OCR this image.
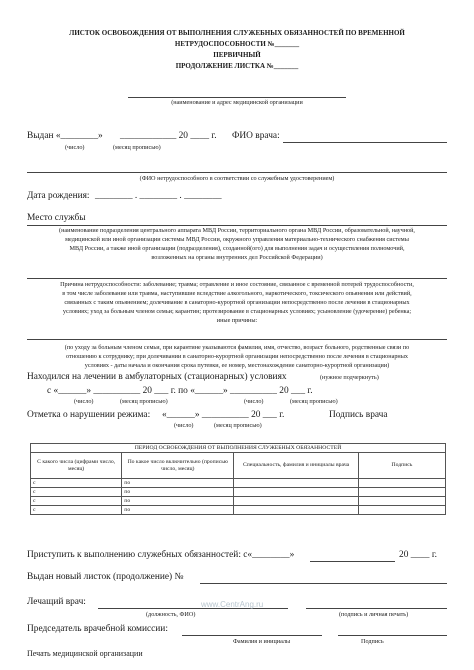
ЛИСТОК ОСВОБОЖДЕНИЯ ОТ ВЫПОЛНЕНИЯ СЛУЖЕБНЫХ ОБЯЗАННОСТЕЙ ПО ВРЕМЕННОЙ
НЕТРУДОСПОСОБНОСТИ №_______
ПЕРВИЧНЫЙ
ПРОДОЛЖЕНИЕ ЛИСТКА №_______
(наименование и адрес медицинской организации
Выдан «________» ____________ 20 ____ г. ФИО врача:
(число)	(месяц прописью)
(ФИО нетрудоспособного в соответствии со служебным удостоверением)
Дата рождения: ________ . ________ . ________
Место службы
(наименование подразделения центрального аппарата МВД России, территориального органа МВД России, образовательной, научной,
медицинской или иной организации системы МВД России, окружного управления материально-технического снабжения системы
МВД России, а также иной организации (подразделения), созданной(ого) для выполнения задач и осуществления полномочий,
возложенных на органы внутренних дел Российской Федерации)
Причина нетрудоспособности: заболевание; травма; отравление и иное состояние, связанное с временной потерей трудоспособности,
в том числе заболевание или травма, наступившие вследствие алкогольного, наркотического, токсического опьянения или действий,
связанных с таким опьянением; долечивание в санаторно-курортной организации непосредственно после лечения в стационарных
условиях; уход за больным членом семьи; карантин; протезирование в стационарных условиях; усыновление (удочерение) ребенка;
иные причины:
(по уходу за больным членом семьи, при карантине указываются фамилия, имя, отчество, возраст больного, родственные связи по
отношению к сотруднику; при долечивании в санаторно-курортной организации непосредственно после лечения в стационарных
условиях - даты начала и окончания срока путевки, ее номер, местонахождение санаторно-курортной организации)
Находился на лечении в амбулаторных (стационарных) условиях	(нужное подчеркнуть)
с «______» __________ 20 ___ г. по «______» __________ 20 ___ г.
(число)	(месяц прописью)	(число)	(месяц прописью)
Отметка о нарушении режима: «______» __________ 20 ___ г.	Подпись врача
(число)	(месяц прописью)
ПЕРИОД ОСВОБОЖДЕНИЯ ОТ ВЫПОЛНЕНИЯ СЛУЖЕБНЫХ ОБЯЗАННОСТЕЙ			
С какого числа (цифрами число, месяц)	По какое число включительно (прописью число, месяц)	Специальность, фамилия и инициалы врача	Подпись
с	по		
с	по		
с	по		
с	по		
Приступить к выполнению служебных обязанностей: с«________»	20 ____ г.
Выдан новый листок (продолжение) №
Лечащий врач:
(должность, ФИО)
www.CentrAng.ru
(подпись и личная печать)
Председатель врачебной комиссии:
Фамилия и инициалы	Подпись
Печать медицинской организации
